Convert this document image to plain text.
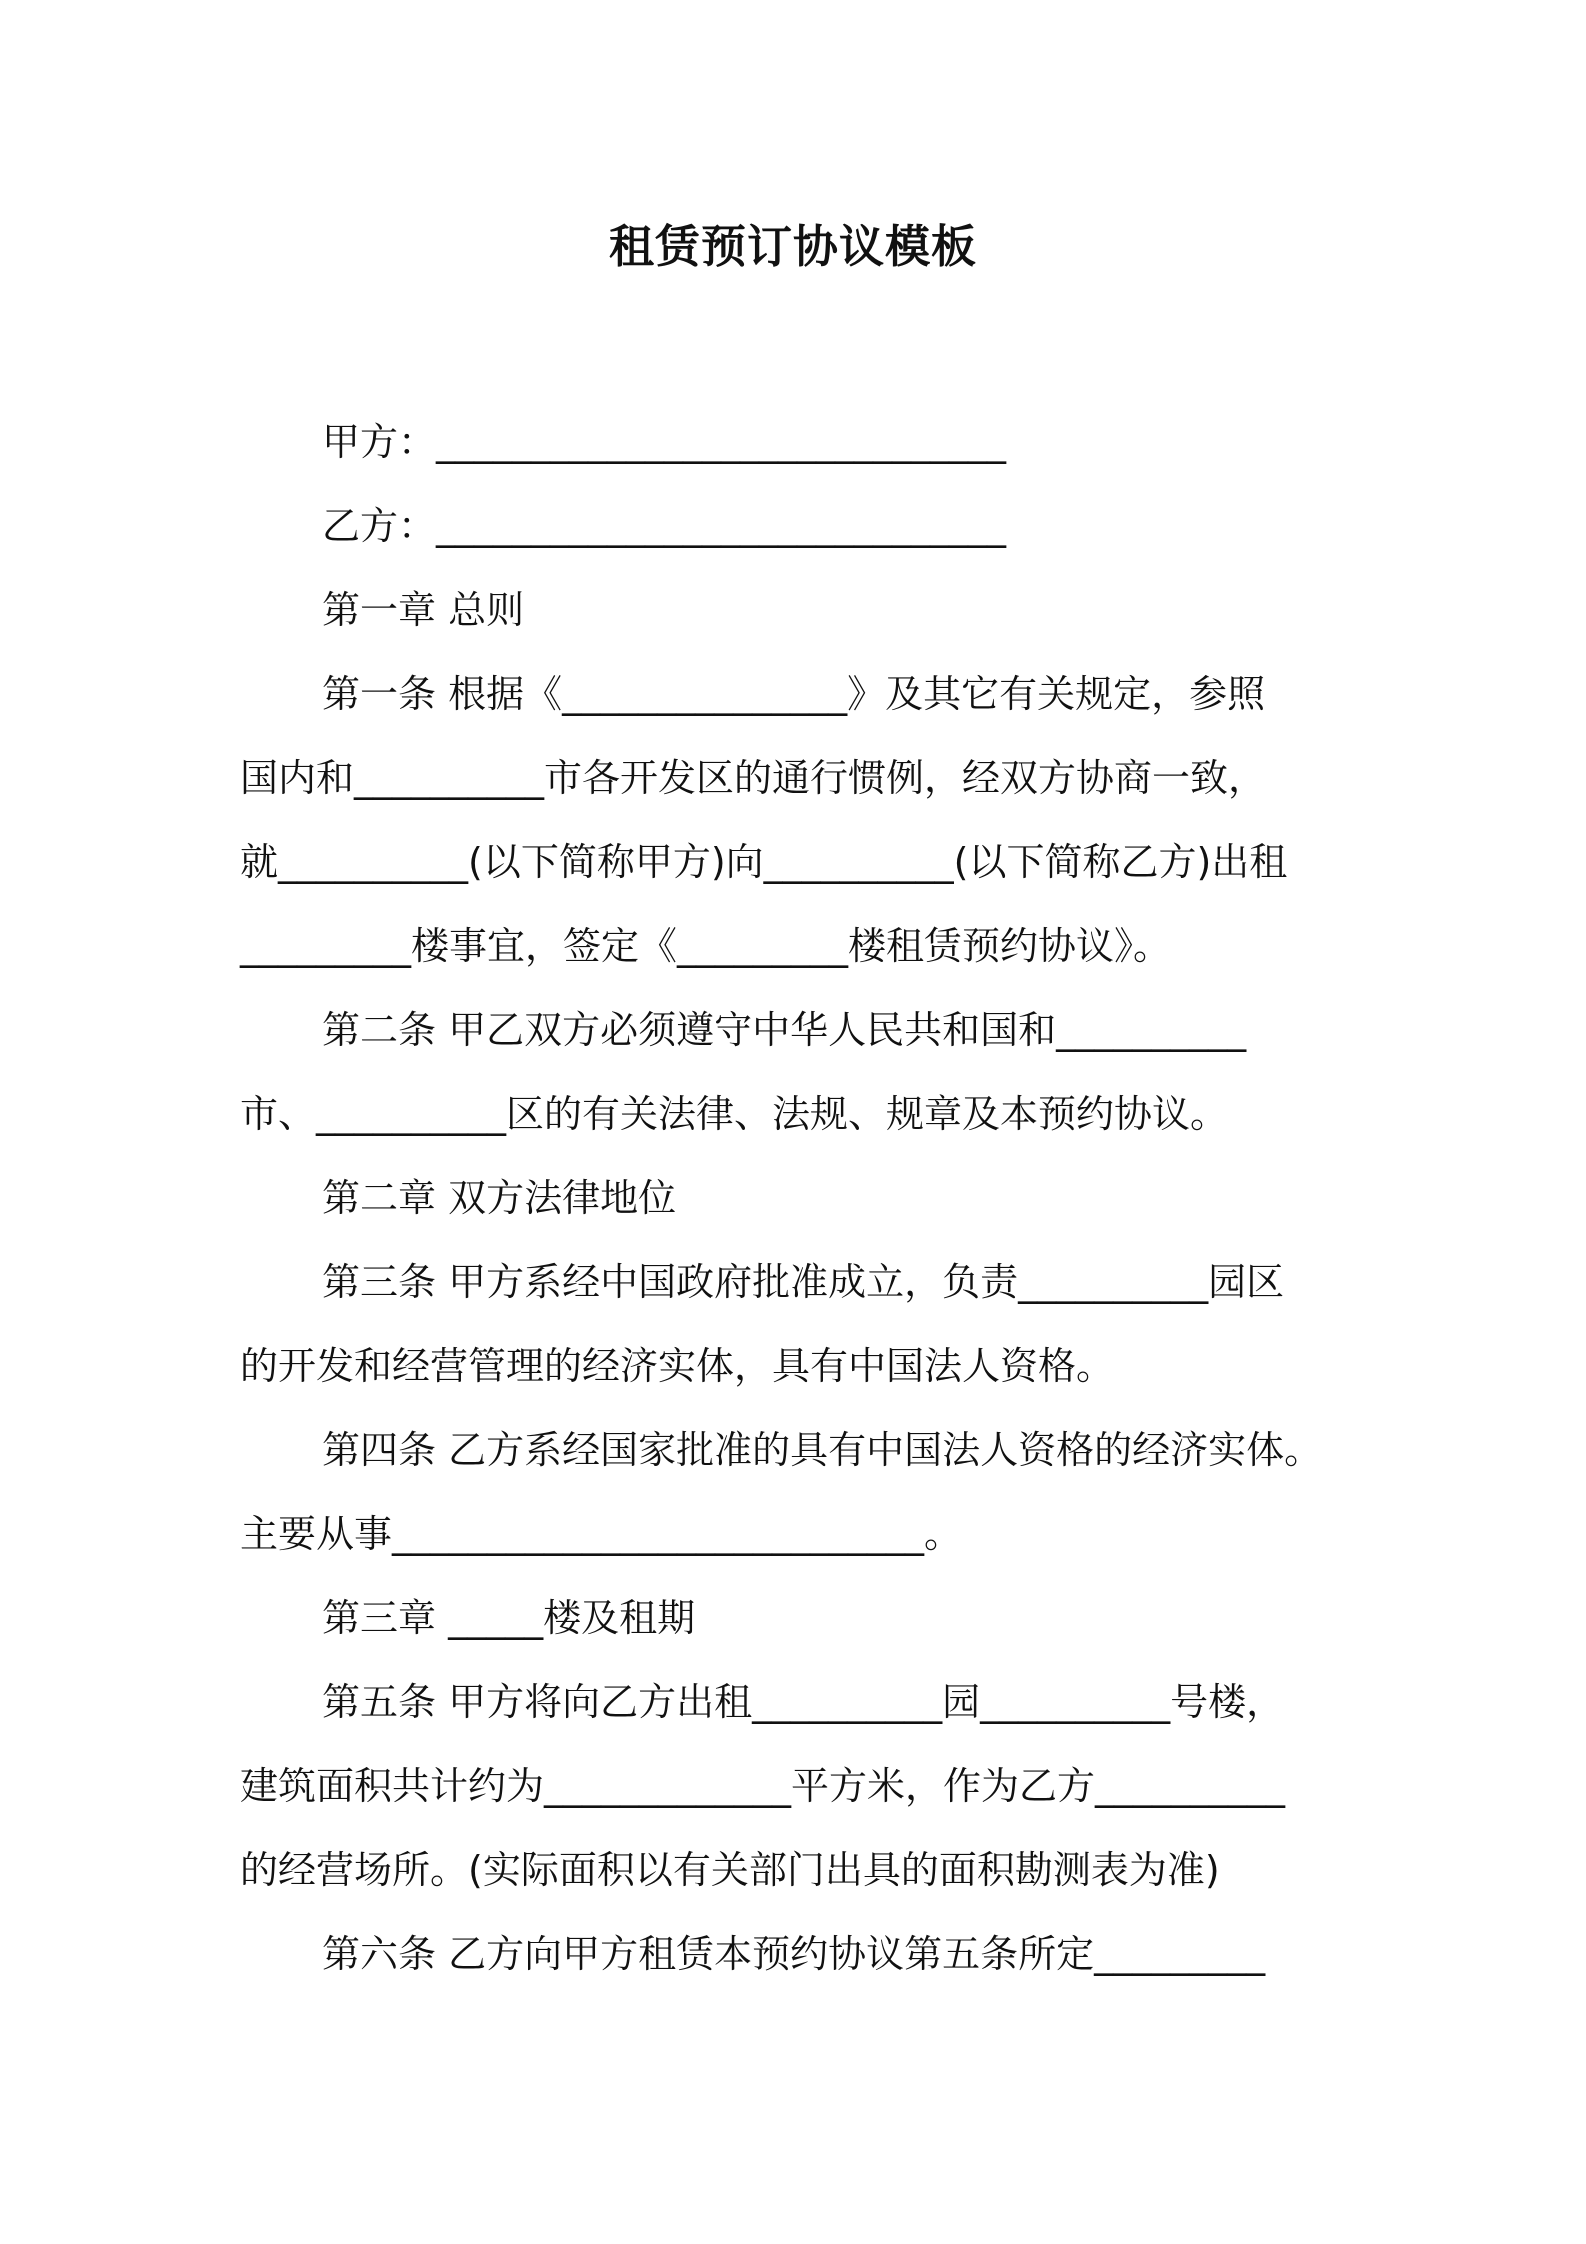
租赁预订协议模板
甲方：______________________________
乙方：______________________________
第一章 总则
第一条 根据《_______________》及其它有关规定，参照
国内和__________市各开发区的通行惯例，经双方协商一致，
就__________(以下简称甲方)向__________(以下简称乙方)出租
_________楼事宜，签定《_________楼租赁预约协议》。
第二条 甲乙双方必须遵守中华人民共和国和__________
市、__________区的有关法律、法规、规章及本预约协议。
第二章 双方法律地位
第三条 甲方系经中国政府批准成立，负责__________园区
的开发和经营管理的经济实体，具有中国法人资格。
第四条 乙方系经国家批准的具有中国法人资格的经济实体。
主要从事____________________________。
第三章 _____楼及租期
第五条 甲方将向乙方出租__________园__________号楼，
建筑面积共计约为_____________平方米，作为乙方__________
的经营场所。(实际面积以有关部门出具的面积勘测表为准)
第六条 乙方向甲方租赁本预约协议第五条所定_________
